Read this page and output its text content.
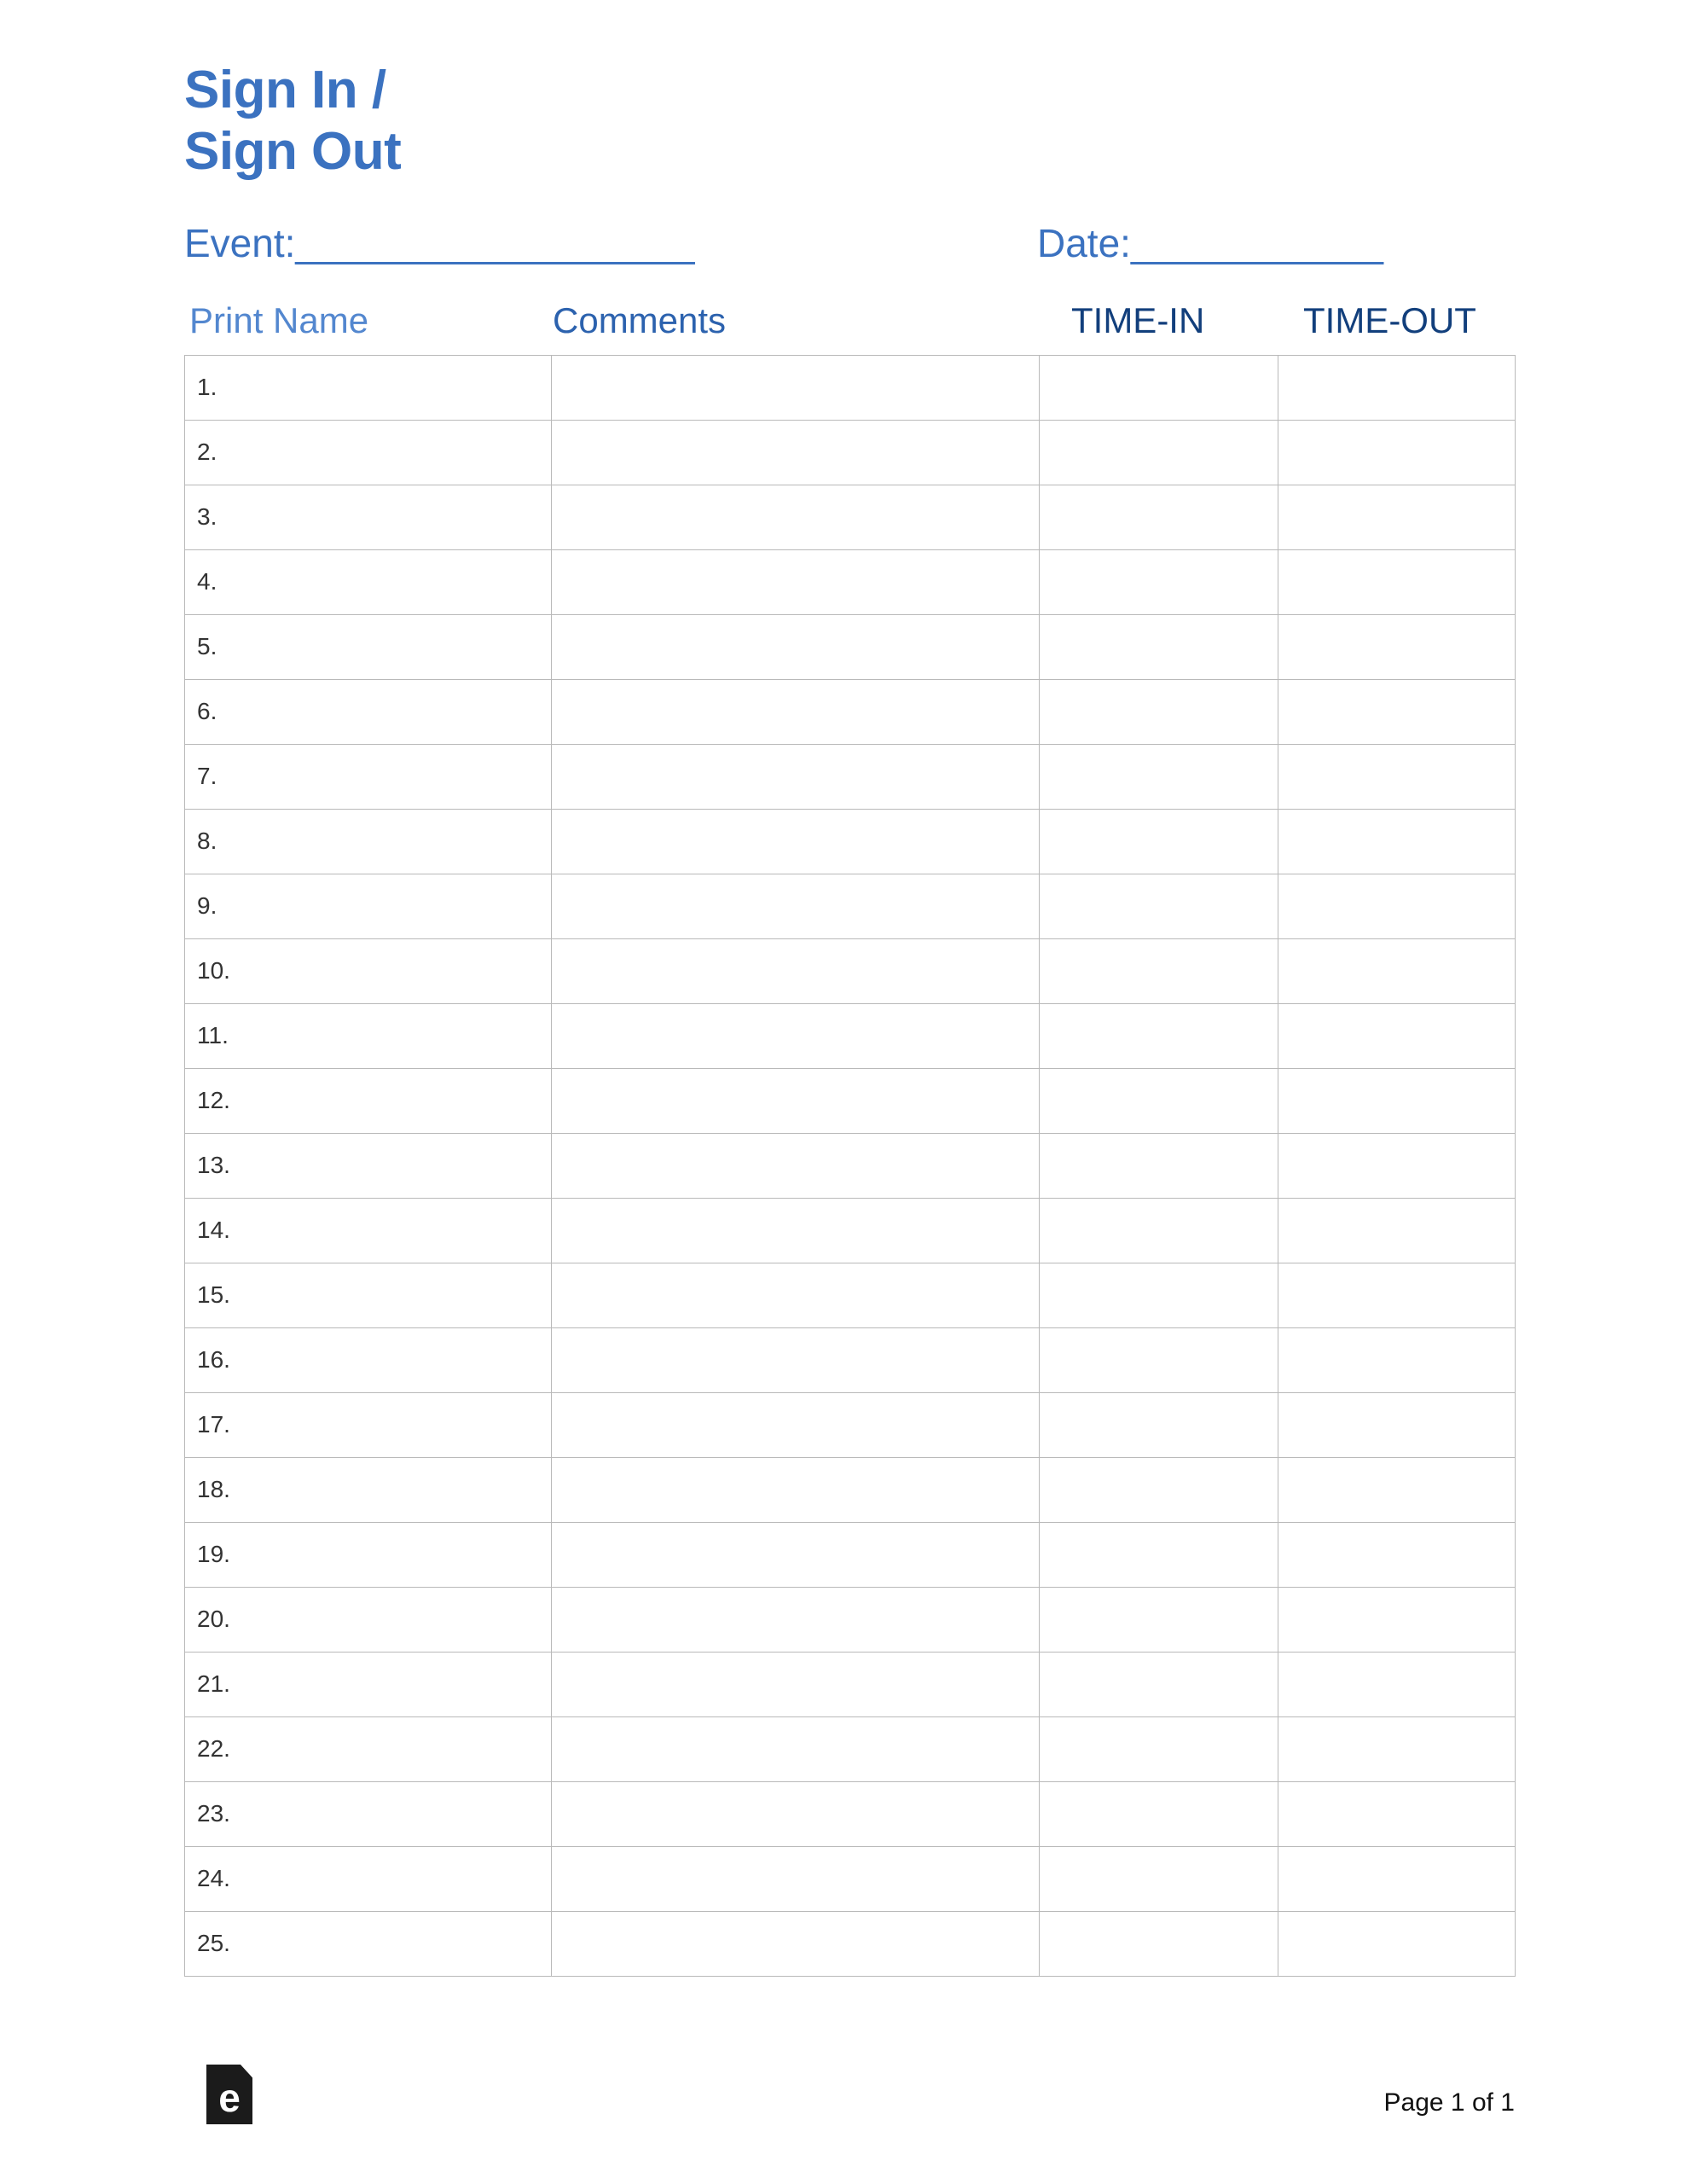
Sign In /
Sign Out
Event: ___________________	Date: ____________
Print Name	Comments	TIME-IN	TIME-OUT
1.			
2.			
3.			
4.			
5.			
6.			
7.			
8.			
9.			
10.			
11.			
12.			
13.			
14.			
15.			
16.			
17.			
18.			
19.			
20.			
21.			
22.			
23.			
24.			
25.			
e	Page 1 of 1
